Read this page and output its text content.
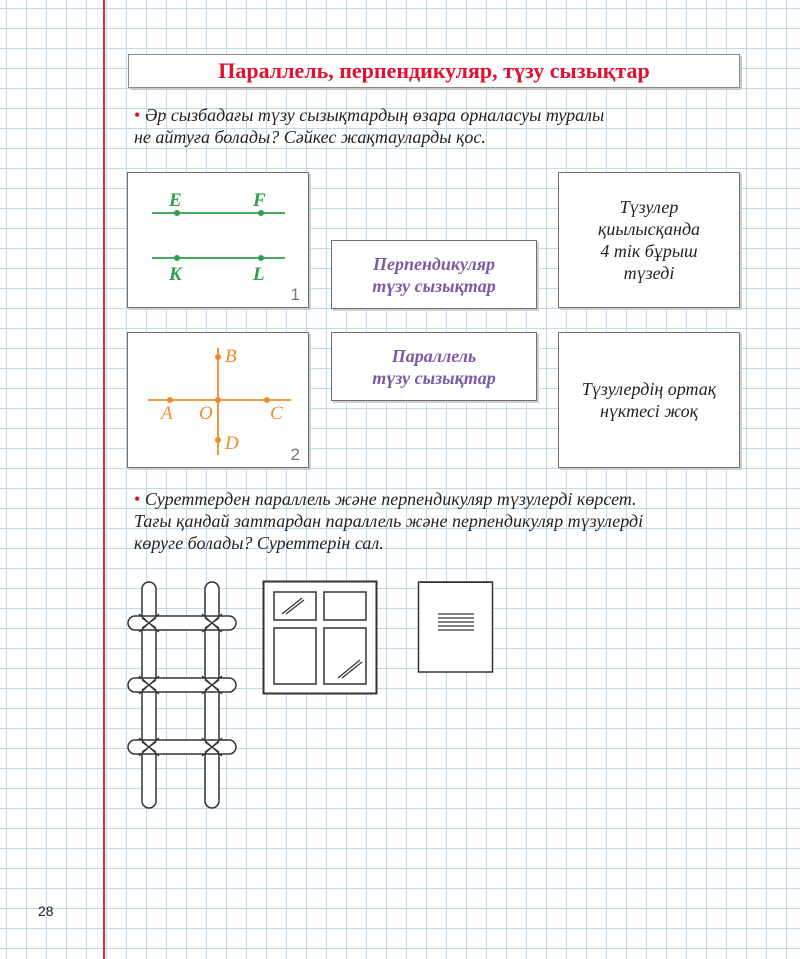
Параллель, перпендикуляр, түзу сызықтар
• Әр сызбадағы түзу сызықтардың өзара орналасуы туралы
не айтуға болады? Сәйкес жақтауларды қос.
E	F
K	L
1
B
A O	C
D
2
Перпендикуляр
түзу сызықтар
Параллель
түзу сызықтар
Түзулер
қиылысқанда
4 тік бұрыш
түзеді
Түзулердің ортақ
нүктесі жоқ
• Суреттерден параллель және перпендикуляр түзулерді көрсет.
Тағы қандай заттардан параллель және перпендикуляр түзулерді
көруге болады? Суреттерін сал.
28
